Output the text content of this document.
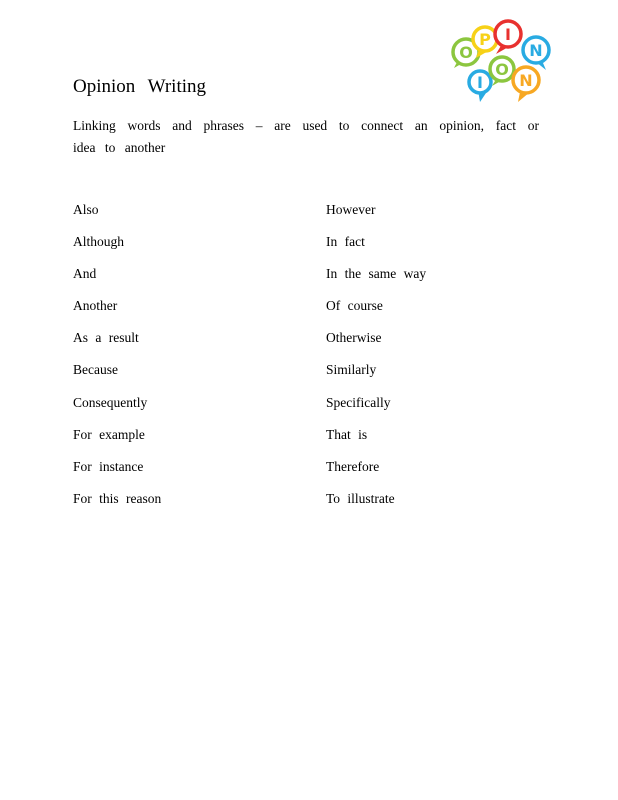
O
P I
N
I
O
N
Opinion Writing
Linking words and phrases – are used to connect an opinion, fact or idea to another
Also
Although
And
Another
As a result
Because
Consequently
For example
For instance
For this reason
However
In fact
In the same way
Of course
Otherwise
Similarly
Specifically
That is
Therefore
To illustrate
